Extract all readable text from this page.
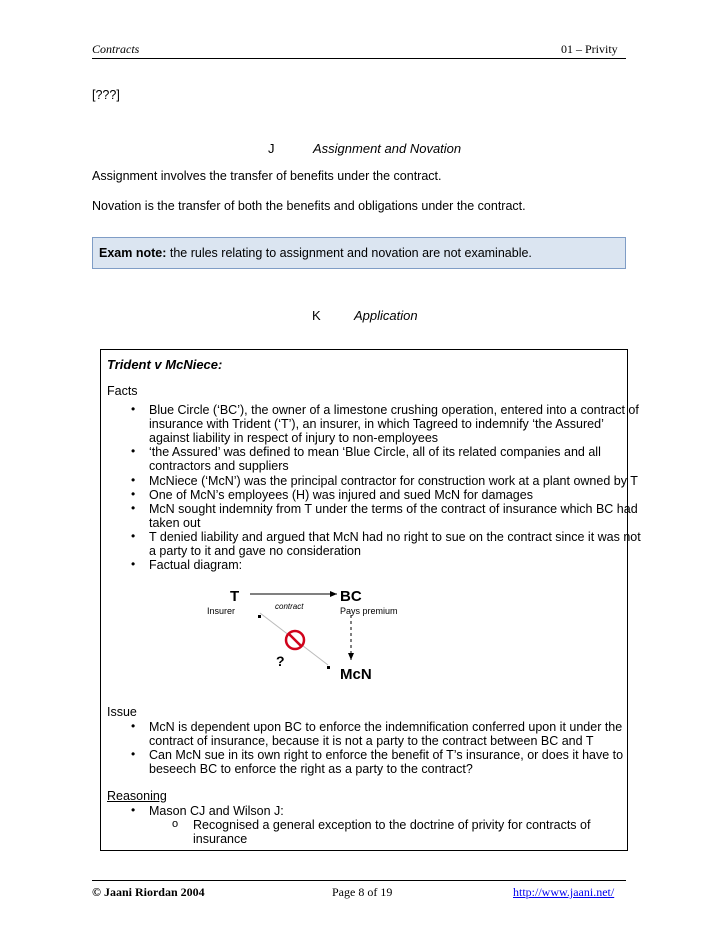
Contracts	01 – Privity
[???]
J	Assignment and Novation
Assignment involves the transfer of benefits under the contract.
Novation is the transfer of both the benefits and obligations under the contract.
Exam note: the rules relating to assignment and novation are not examinable.
K	Application
Trident v McNiece:
Facts
• Blue Circle (‘BC’), the owner of a limestone crushing operation, entered into a contract of
insurance with Trident (‘T’), an insurer, in which Tagreed to indemnify ‘the Assured’
against liability in respect of injury to non-employees
• ‘the Assured’ was defined to mean ‘Blue Circle, all of its related companies and all
contractors and suppliers
• McNiece (‘McN’) was the principal contractor for construction work at a plant owned by T
• One of McN’s employees (H) was injured and sued McN for damages
• McN sought indemnity from T under the terms of the contract of insurance which BC had
taken out
• T denied liability and argued that McN had no right to sue on the contract since it was not
a party to it and gave no consideration
• Factual diagram:
T
Insurer
BC
Pays premium
contract
?
McN
Issue
• McN is dependent upon BC to enforce the indemnification conferred upon it under the
contract of insurance, because it is not a party to the contract between BC and T
• Can McN sue in its own right to enforce the benefit of T’s insurance, or does it have to
beseech BC to enforce the right as a party to the contract?
Reasoning
• Mason CJ and Wilson J:
o Recognised a general exception to the doctrine of privity for contracts of
insurance
© Jaani Riordan 2004	Page 8 of 19	http://www.jaani.net/
